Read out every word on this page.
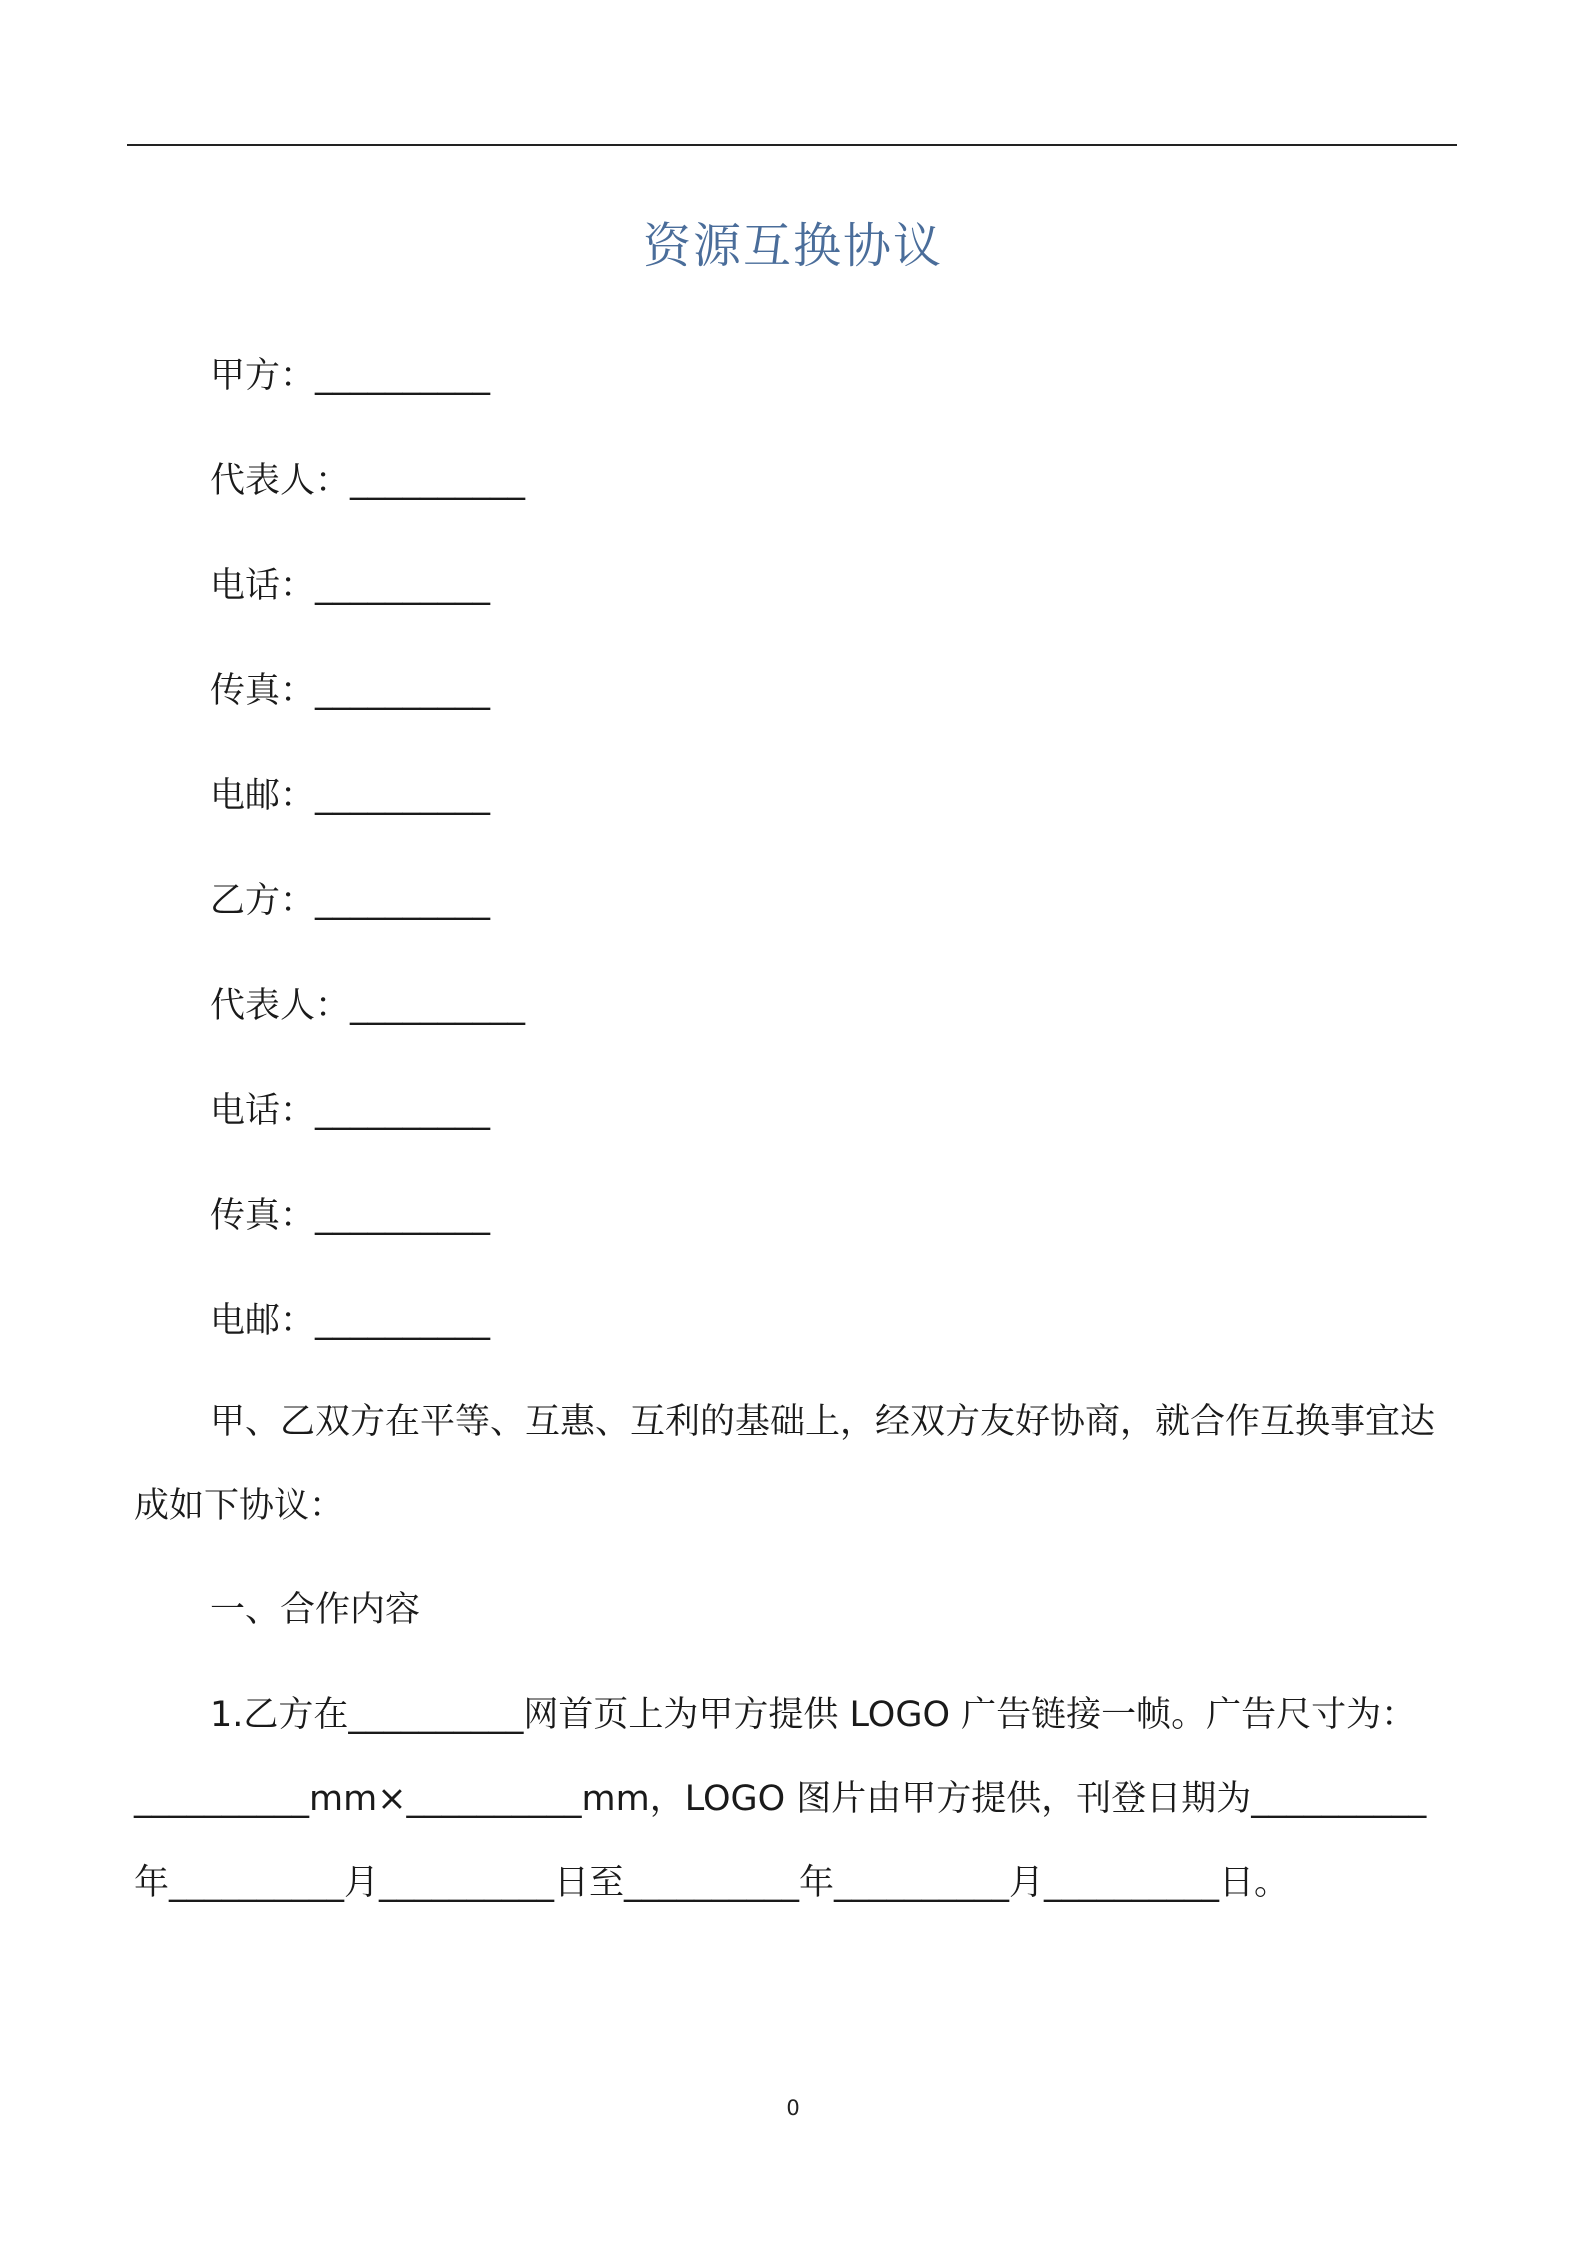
资源互换协议
甲方：__________
代表人：__________
电话：__________
传真：__________
电邮：__________
乙方：__________
代表人：__________
电话：__________
传真：__________
电邮：__________

甲、乙双方在平等、互惠、互利的基础上，经双方友好协商，就合作互换事宜达成如下协议：

一、合作内容

1.乙方在__________网首页上为甲方提供 LOGO 广告链接一帧。广告尺寸为：__________mm×__________mm，LOGO 图片由甲方提供，刊登日期为__________年__________月__________日至__________年__________月__________日。

0
